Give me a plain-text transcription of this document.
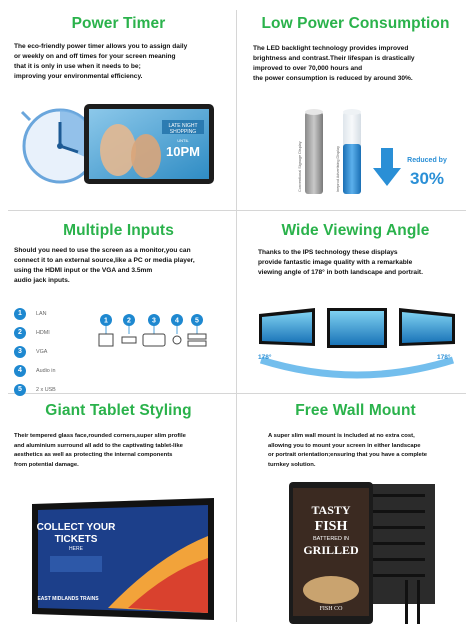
Power Timer

The eco-friendly power timer allows you to assign daily

or weekly on and off times for your screen meaning

that it is only in use when it needs to be;

improving your environmental efficiency.

LATE NIGHT
SHOPPING
UNTIL
10PM
Low Power Consumption

The LED backlight technology provides improved

brightness and contrast.Their lifespan is drastically

improved to over 70,000 hours and

the power consumption is reduced by around 30%.

Conventional Signage Display	Ineprod Advertising Display	Reduced by
30%
Multiple Inputs

Should you need to use the screen as a monitor,you can

connect it to an external source,like a PC or media player,

using the HDMI input or the VGA and 3.5mm

audio jack inputs.

1	LAN
2	HDMI
3	VGA
4	Audio in
5	2 x USB
1	2	3	4 5
Wide Viewing Angle

Thanks to the IPS technology these displays

provide fantastic image quality with a remarkable

viewing angle of 178° in both landscape and portrait.

178°	178°
Giant Tablet Styling

Their tempered glass face,rounded corners,super slim profile

and aluminium surround all add to the captivating tablet-like

aesthetics as well as protecting the internal components

from potential damage.

COLLECT YOUR
TICKETS
HERE
EAST MIDLANDS TRAINS
Free Wall Mount

A super slim wall mount is included at no extra cost,

allowing you to mount your screen in either landscape

or portrait orientation;ensuring that you have a complete

turnkey solution.

TASTY
FISH
BATTERED IN
GRILLED
FISH CO
